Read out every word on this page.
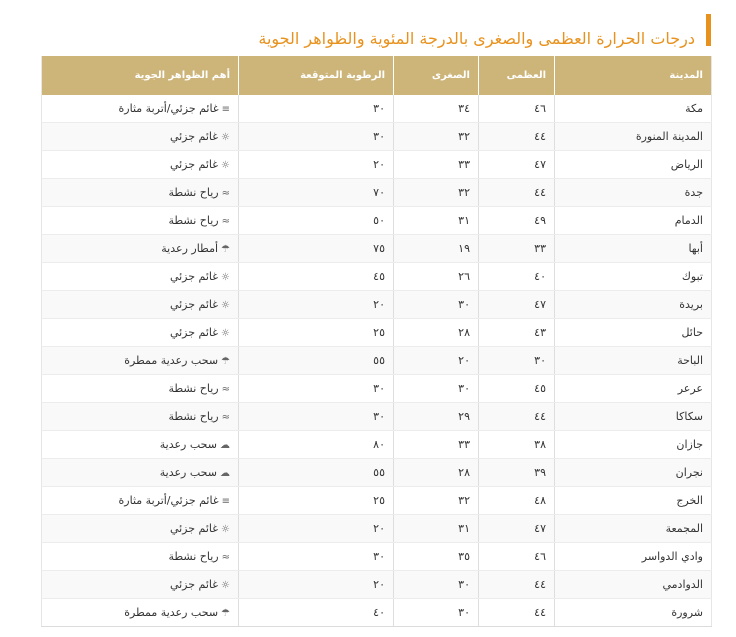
درجات الحرارة العظمى والصغرى بالدرجة المئوية والظواهر الجوية
المدينة	العظمى	الصغرى	الرطوبة المتوقعة	أهم الظواهر الجوية
مكة	٤٦	٣٤	٣٠	≡غائم جزئي/أتربة مثارة
المدينة المنورة	٤٤	٣٢	٣٠	☼غائم جزئي
الرياض	٤٧	٣٣	٢٠	☼غائم جزئي
جدة	٤٤	٣٢	٧٠	≈رياح نشطة
الدمام	٤٩	٣١	٥٠	≈رياح نشطة
أبها	٣٣	١٩	٧٥	☂أمطار رعدية
تبوك	٤٠	٢٦	٤٥	☼غائم جزئي
بريدة	٤٧	٣٠	٢٠	☼غائم جزئي
حائل	٤٣	٢٨	٢٥	☼غائم جزئي
الباحة	٣٠	٢٠	٥٥	☂سحب رعدية ممطرة
عرعر	٤٥	٣٠	٣٠	≈رياح نشطة
سكاكا	٤٤	٢٩	٣٠	≈رياح نشطة
جازان	٣٨	٣٣	٨٠	☁سحب رعدية
نجران	٣٩	٢٨	٥٥	☁سحب رعدية
الخرج	٤٨	٣٢	٢٥	≡غائم جزئي/أتربة مثارة
المجمعة	٤٧	٣١	٢٠	☼غائم جزئي
وادي الدواسر	٤٦	٣٥	٣٠	≈رياح نشطة
الدوادمي	٤٤	٣٠	٢٠	☼غائم جزئي
شرورة	٤٤	٣٠	٤٠	☂سحب رعدية ممطرة
